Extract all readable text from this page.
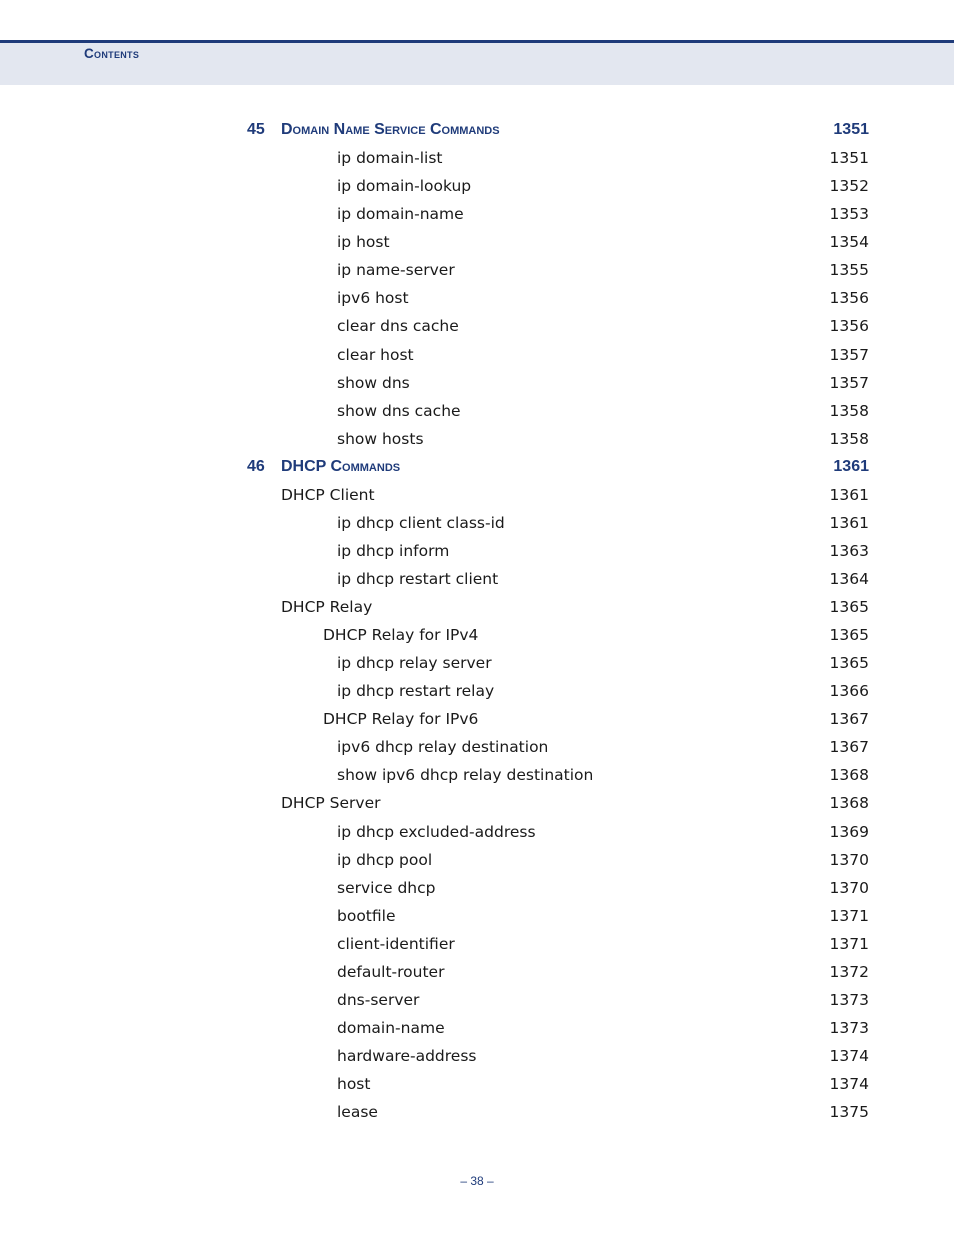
Contents
45 Domain Name Service Commands	1351
ip domain-list	1351
ip domain-lookup	1352
ip domain-name	1353
ip host	1354
ip name-server	1355
ipv6 host	1356
clear dns cache	1356
clear host	1357
show dns	1357
show dns cache	1358
show hosts	1358
46 DHCP Commands	1361
DHCP Client	1361
ip dhcp client class-id	1361
ip dhcp inform	1363
ip dhcp restart client	1364
DHCP Relay	1365
DHCP Relay for IPv4	1365
ip dhcp relay server	1365
ip dhcp restart relay	1366
DHCP Relay for IPv6	1367
ipv6 dhcp relay destination	1367
show ipv6 dhcp relay destination	1368
DHCP Server	1368
ip dhcp excluded-address	1369
ip dhcp pool	1370
service dhcp	1370
bootfile	1371
client-identifier	1371
default-router	1372
dns-server	1373
domain-name	1373
hardware-address	1374
host	1374
lease	1375
– 38 –
